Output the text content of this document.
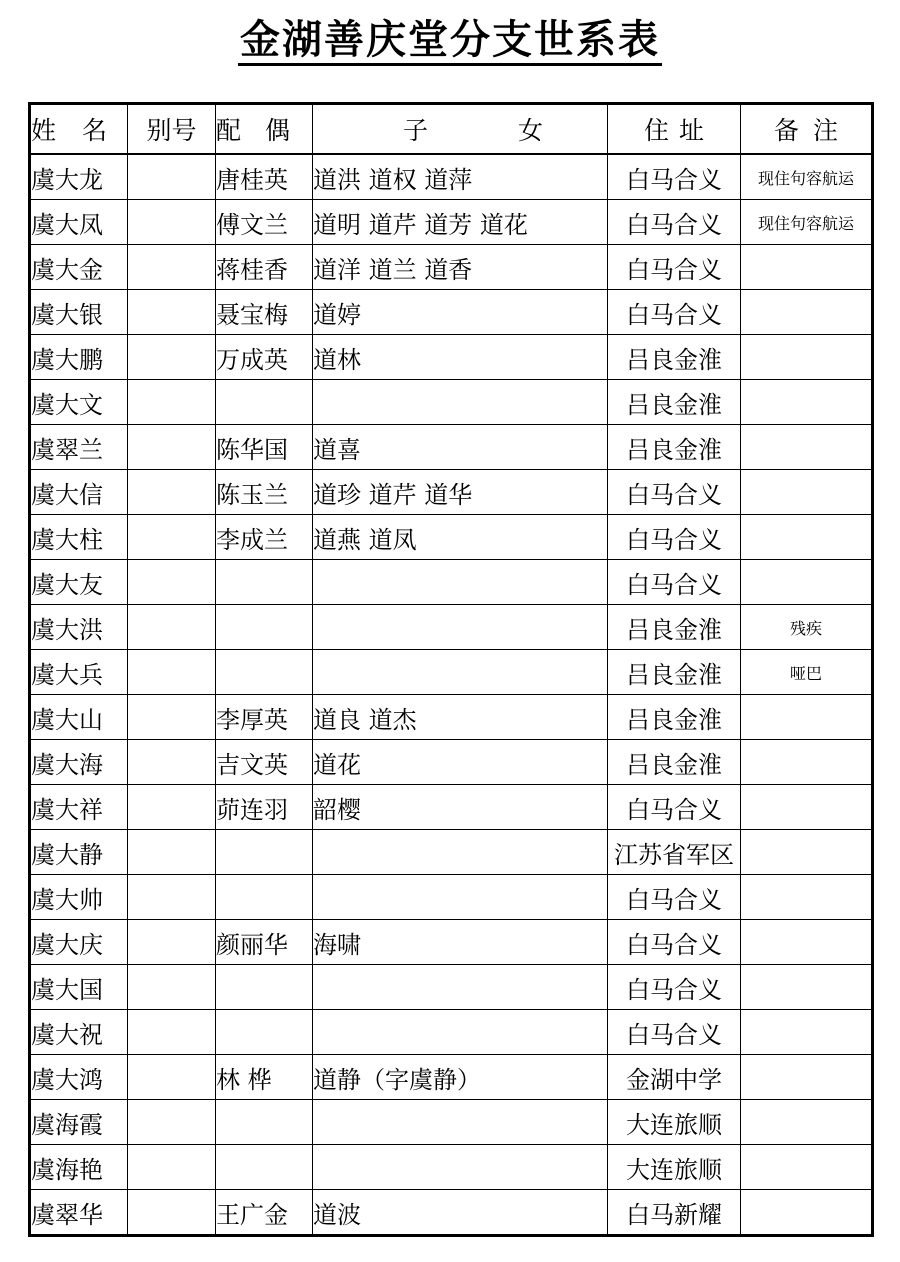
金湖善庆堂分支世系表
姓名	别号	配偶	子女	住址	备注
虞大龙		唐桂英	道洪 道权 道萍	白马合义	现住句容航运
虞大凤		傅文兰	道明 道芹 道芳 道花	白马合义	现住句容航运
虞大金		蒋桂香	道洋 道兰 道香	白马合义	
虞大银		聂宝梅	道婷	白马合义	
虞大鹏		万成英	道林	吕良金淮	
虞大文				吕良金淮	
虞翠兰		陈华国	道喜	吕良金淮	
虞大信		陈玉兰	道珍 道芹 道华	白马合义	
虞大柱		李成兰	道燕 道凤	白马合义	
虞大友				白马合义	
虞大洪				吕良金淮	残疾
虞大兵				吕良金淮	哑巴
虞大山		李厚英	道良 道杰	吕良金淮	
虞大海		吉文英	道花	吕良金淮	
虞大祥		茆连羽	韶樱	白马合义	
虞大静				江苏省军区	
虞大帅				白马合义	
虞大庆		颜丽华	海啸	白马合义	
虞大国				白马合义	
虞大祝				白马合义	
虞大鸿		林 桦	道静（字虞静）	金湖中学	
虞海霞				大连旅顺	
虞海艳				大连旅顺	
虞翠华		王广金	道波	白马新耀	
